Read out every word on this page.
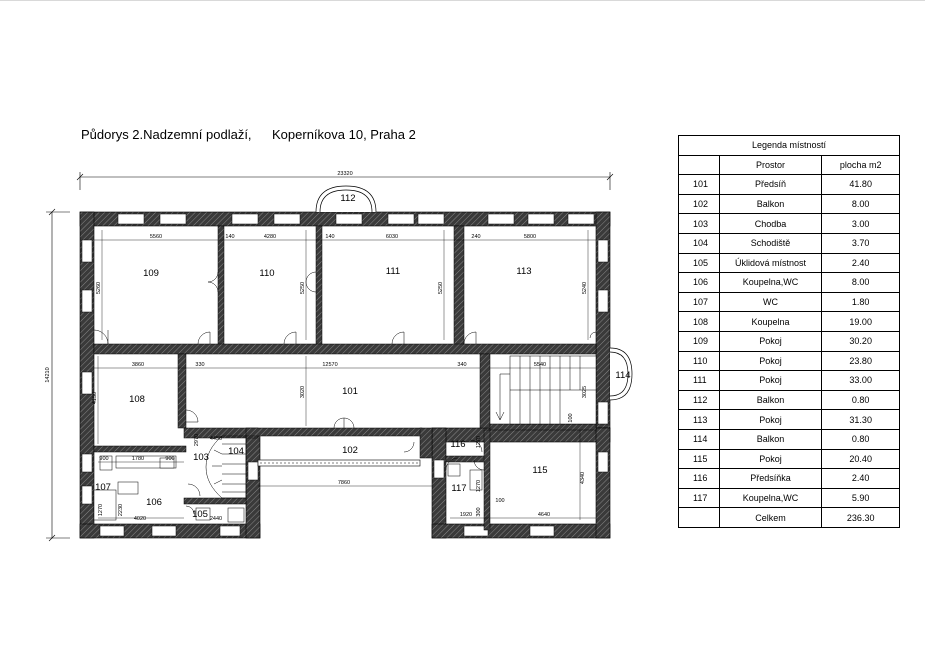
Půdorys 2.Nadzemní podlaží, Koperníkova 10, Praha 2
23320
14210
101
102
103
104
105
106
107
108
109	110	111
112
113
114
115
116
117
5560	140	4280	140	6030	240	5800
5260	5250	5250	5240
3860	330	12570	340	5540
4150	3020	3025
100
1780
900	900
4450
2970
7860
1270	2230
4020	2440
1270
1270
1920 300	4640
4340
100
Legenda místností		
	Prostor	plocha m2
101	Předsíň	41.80
102	Balkon	8.00
103	Chodba	3.00
104	Schodiště	3.70
105	Úklidová místnost	2.40
106	Koupelna,WC	8.00
107	WC	1.80
108	Koupelna	19.00
109	Pokoj	30.20
110	Pokoj	23.80
111	Pokoj	33.00
112	Balkon	0.80
113	Pokoj	31.30
114	Balkon	0.80
115	Pokoj	20.40
116	Předsíňka	2.40
117	Koupelna,WC	5.90
	Celkem	236.30
